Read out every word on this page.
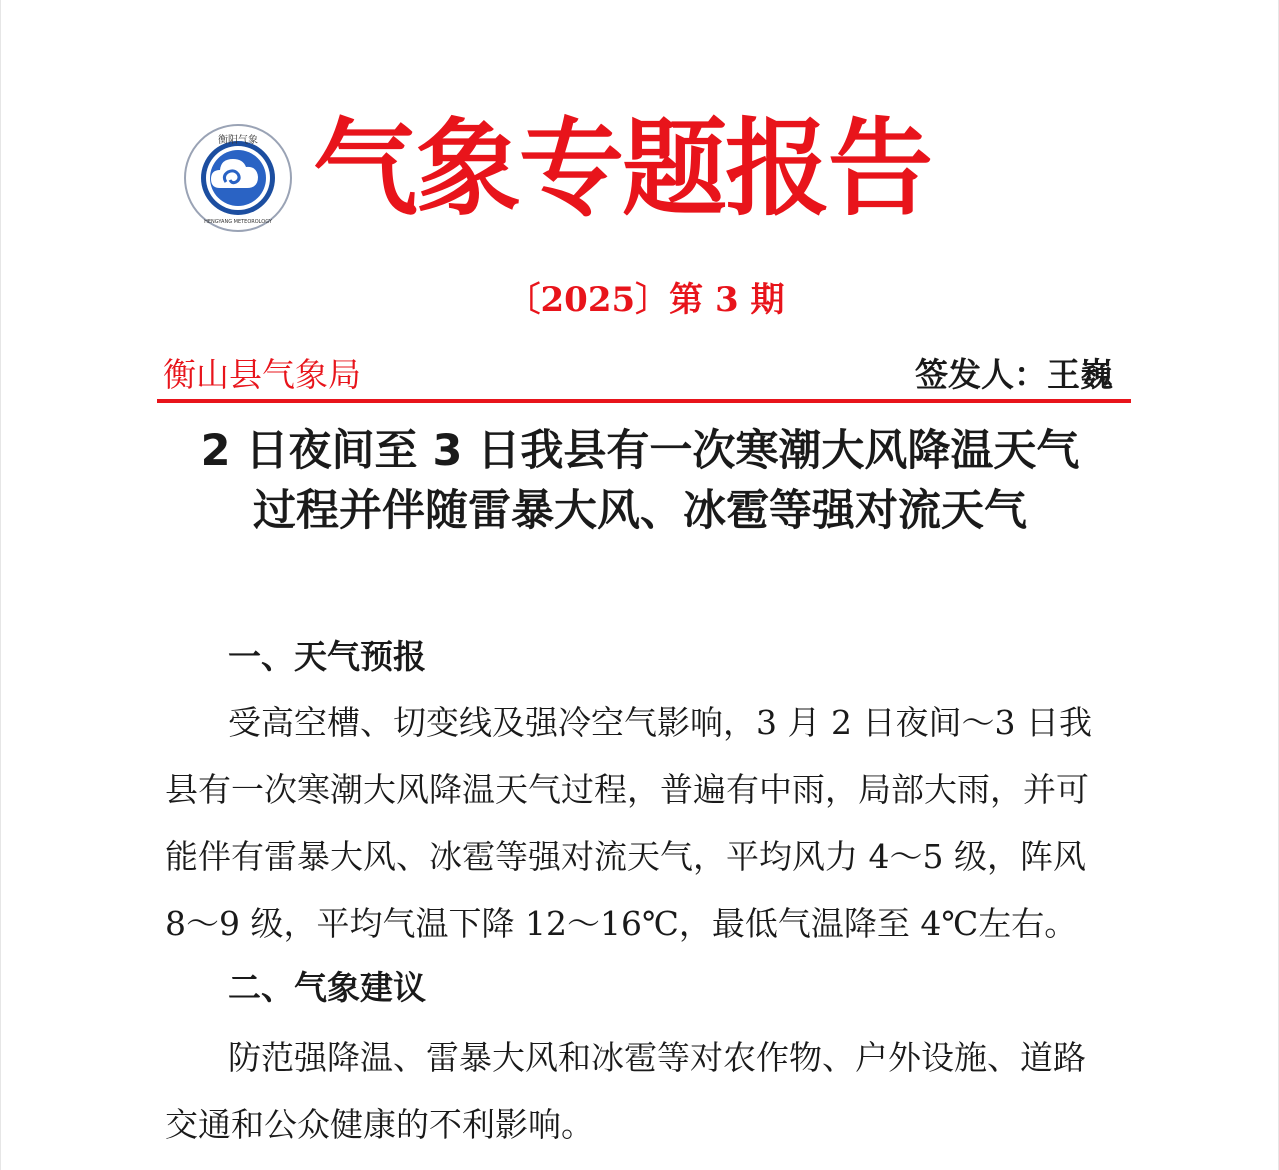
衡阳气象
HENGYANG METEOROLOGY 气象专题报告
〔2025〕第 3 期
衡山县气象局	签发人：王巍
2 日夜间至 3 日我县有一次寒潮大风降温天气
过程并伴随雷暴大风、冰雹等强对流天气
一、天气预报
受高空槽、切变线及强冷空气影响，3 月 2 日夜间～3 日我
县有一次寒潮大风降温天气过程，普遍有中雨，局部大雨，并可
能伴有雷暴大风、冰雹等强对流天气，平均风力 4～5 级，阵风
8～9 级，平均气温下降 12～16℃，最低气温降至 4℃左右。
二、气象建议
防范强降温、雷暴大风和冰雹等对农作物、户外设施、道路
交通和公众健康的不利影响。
